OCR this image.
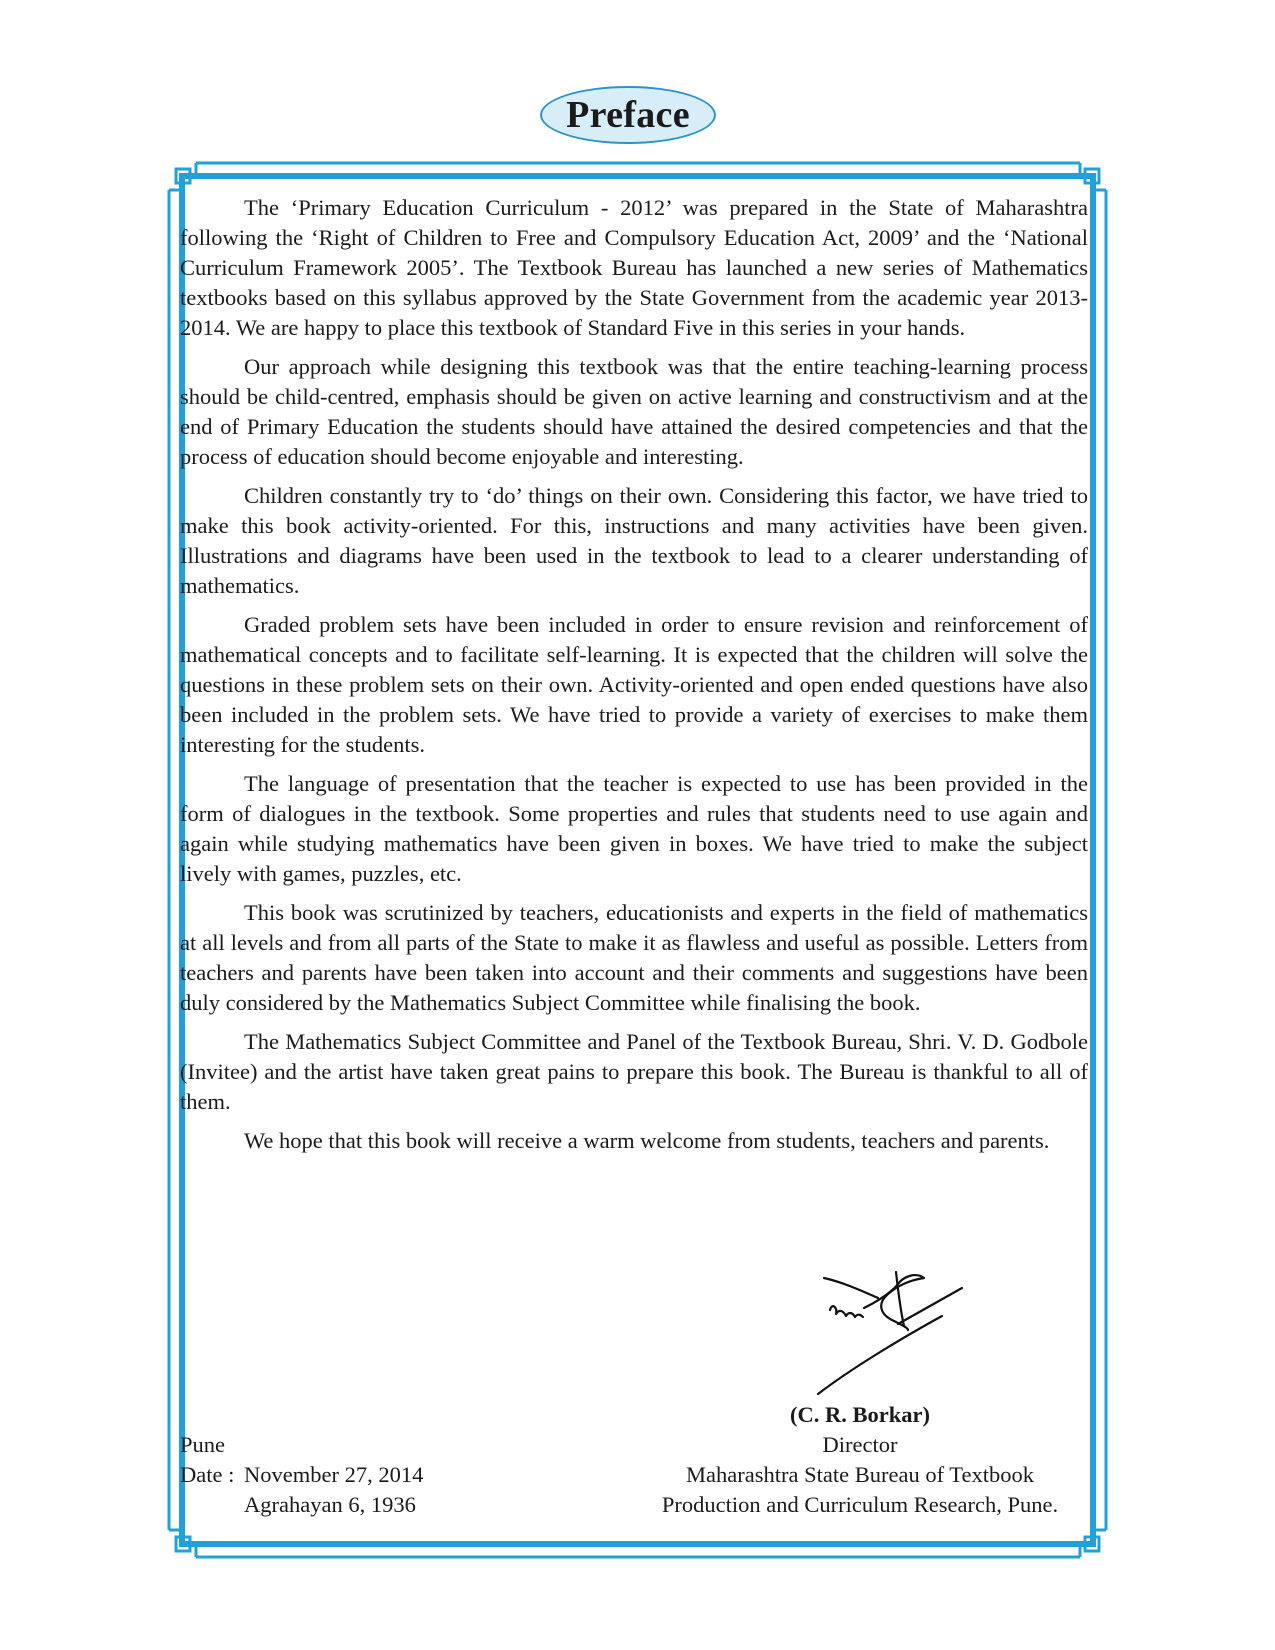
Preface

The ‘Primary Education Curriculum - 2012’ was prepared in the State of Maharashtra following the ‘Right of Children to Free and Compulsory Education Act, 2009’ and the ‘National Curriculum Framework 2005’. The Textbook Bureau has launched a new series of Mathematics textbooks based on this syllabus approved by the State Government from the academic year 2013-2014. We are happy to place this textbook of Standard Five in this series in your hands.

Our approach while designing this textbook was that the entire teaching-learning process should be child-centred, emphasis should be given on active learning and constructivism and at the end of Primary Education the students should have attained the desired competencies and that the process of education should become enjoyable and interesting.

Children constantly try to ‘do’ things on their own. Considering this factor, we have tried to make this book activity-oriented. For this, instructions and many activities have been given. Illustrations and diagrams have been used in the textbook to lead to a clearer understanding of mathematics.

Graded problem sets have been included in order to ensure revision and reinforcement of mathematical concepts and to facilitate self-learning. It is expected that the children will solve the questions in these problem sets on their own. Activity-oriented and open ended questions have also been included in the problem sets. We have tried to provide a variety of exercises to make them interesting for the students.

The language of presentation that the teacher is expected to use has been provided in the form of dialogues in the textbook. Some properties and rules that students need to use again and again while studying mathematics have been given in boxes. We have tried to make the subject lively with games, puzzles, etc.

This book was scrutinized by teachers, educationists and experts in the field of mathematics at all levels and from all parts of the State to make it as flawless and useful as possible. Letters from teachers and parents have been taken into account and their comments and suggestions have been duly considered by the Mathematics Subject Committee while finalising the book.

The Mathematics Subject Committee and Panel of the Textbook Bureau, Shri. V. D. Godbole (Invitee) and the artist have taken great pains to prepare this book. The Bureau is thankful to all of them.

We hope that this book will receive a warm welcome from students, teachers and parents.

(C. R. Borkar)
Director
Maharashtra State Bureau of Textbook
Production and Curriculum Research, Pune.
Pune
Date : November 27, 2014
Agrahayan 6, 1936
